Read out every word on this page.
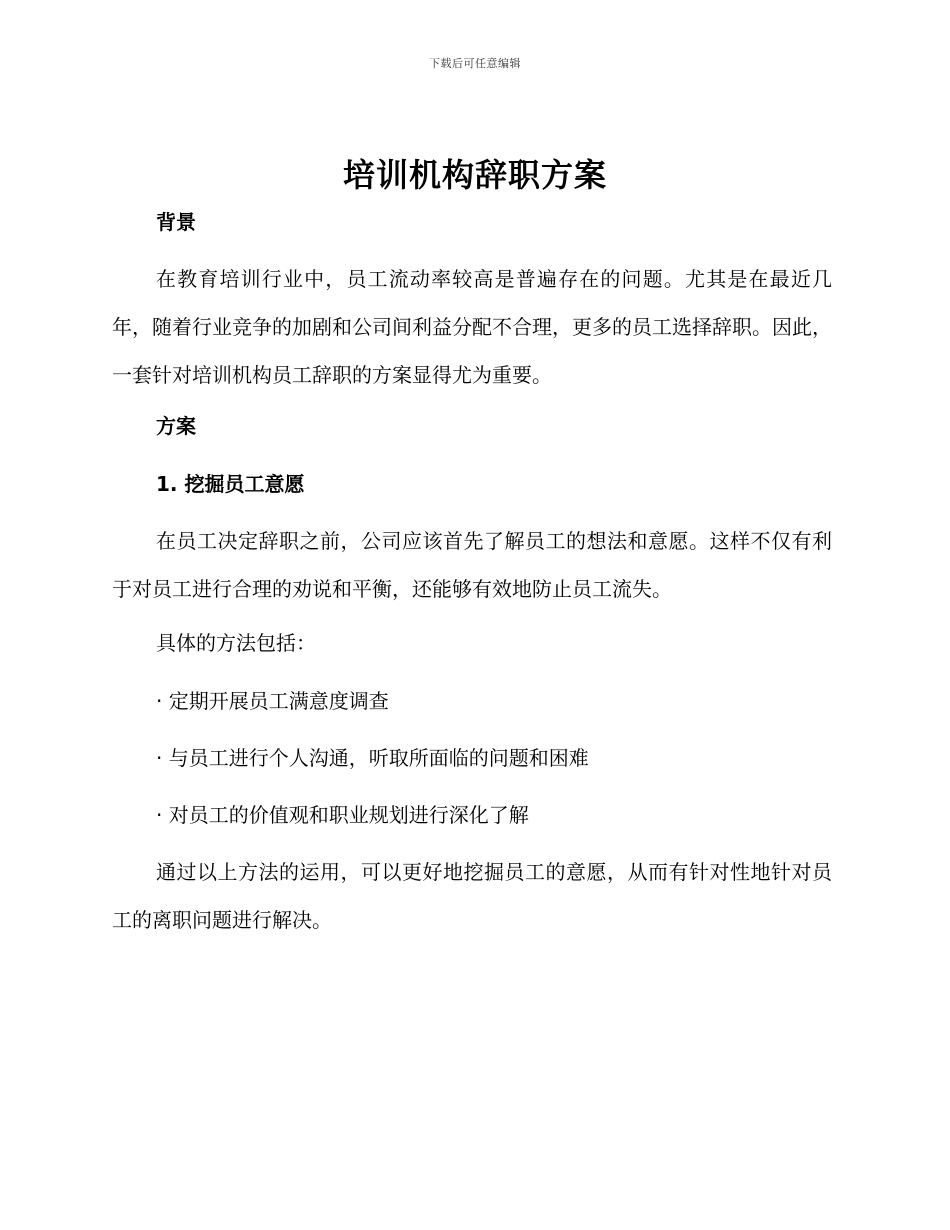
下载后可任意编辑
培训机构辞职方案
背景

在教育培训行业中，员工流动率较高是普遍存在的问题。尤其是在最近几年，随着行业竞争的加剧和公司间利益分配不合理，更多的员工选择辞职。因此，一套针对培训机构员工辞职的方案显得尤为重要。

方案
1. 挖掘员工意愿

在员工决定辞职之前，公司应该首先了解员工的想法和意愿。这样不仅有利于对员工进行合理的劝说和平衡，还能够有效地防止员工流失。

具体的方法包括：
· 定期开展员工满意度调查
· 与员工进行个人沟通，听取所面临的问题和困难
· 对员工的价值观和职业规划进行深化了解

通过以上方法的运用，可以更好地挖掘员工的意愿，从而有针对性地针对员工的离职问题进行解决。
